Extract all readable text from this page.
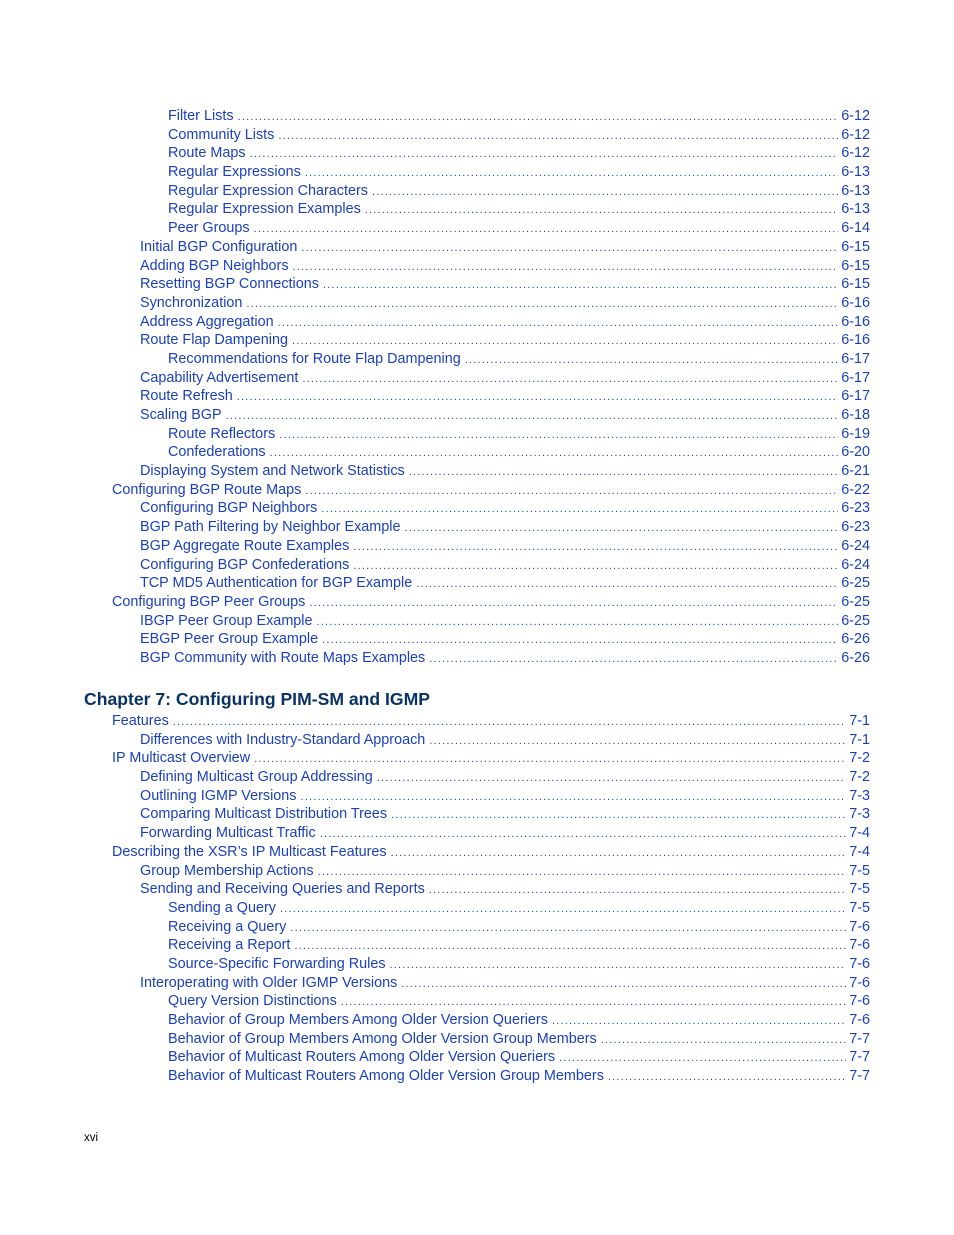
Filter Lists .....	6-12
Community Lists .....	6-12
Route Maps .....	6-12
Regular Expressions .....	6-13
Regular Expression Characters .....	6-13
Regular Expression Examples .....	6-13
Peer Groups .....	6-14
Initial BGP Configuration .....	6-15
Adding BGP Neighbors .....	6-15
Resetting BGP Connections .....	6-15
Synchronization .....	6-16
Address Aggregation .....	6-16
Route Flap Dampening .....	6-16
Recommendations for Route Flap Dampening .....	6-17
Capability Advertisement .....	6-17
Route Refresh .....	6-17
Scaling BGP .....	6-18
Route Reflectors .....	6-19
Confederations .....	6-20
Displaying System and Network Statistics .....	6-21
Configuring BGP Route Maps .....	6-22
Configuring BGP Neighbors .....	6-23
BGP Path Filtering by Neighbor Example .....	6-23
BGP Aggregate Route Examples .....	6-24
Configuring BGP Confederations .....	6-24
TCP MD5 Authentication for BGP Example .....	6-25
Configuring BGP Peer Groups .....	6-25
IBGP Peer Group Example .....	6-25
EBGP Peer Group Example .....	6-26
BGP Community with Route Maps Examples .....	6-26
Chapter 7: Configuring PIM-SM and IGMP
Features .....	7-1
Differences with Industry-Standard Approach .....	7-1
IP Multicast Overview .....	7-2
Defining Multicast Group Addressing .....	7-2
Outlining IGMP Versions .....	7-3
Comparing Multicast Distribution Trees .....	7-3
Forwarding Multicast Traffic .....	7-4
Describing the XSR’s IP Multicast Features .....	7-4
Group Membership Actions .....	7-5
Sending and Receiving Queries and Reports .....	7-5
Sending a Query .....	7-5
Receiving a Query .....	7-6
Receiving a Report .....	7-6
Source-Specific Forwarding Rules .....	7-6
Interoperating with Older IGMP Versions .....	7-6
Query Version Distinctions .....	7-6
Behavior of Group Members Among Older Version Queriers .....	7-6
Behavior of Group Members Among Older Version Group Members .....	7-7
Behavior of Multicast Routers Among Older Version Queriers .....	7-7
Behavior of Multicast Routers Among Older Version Group Members .....	7-7
xvi
